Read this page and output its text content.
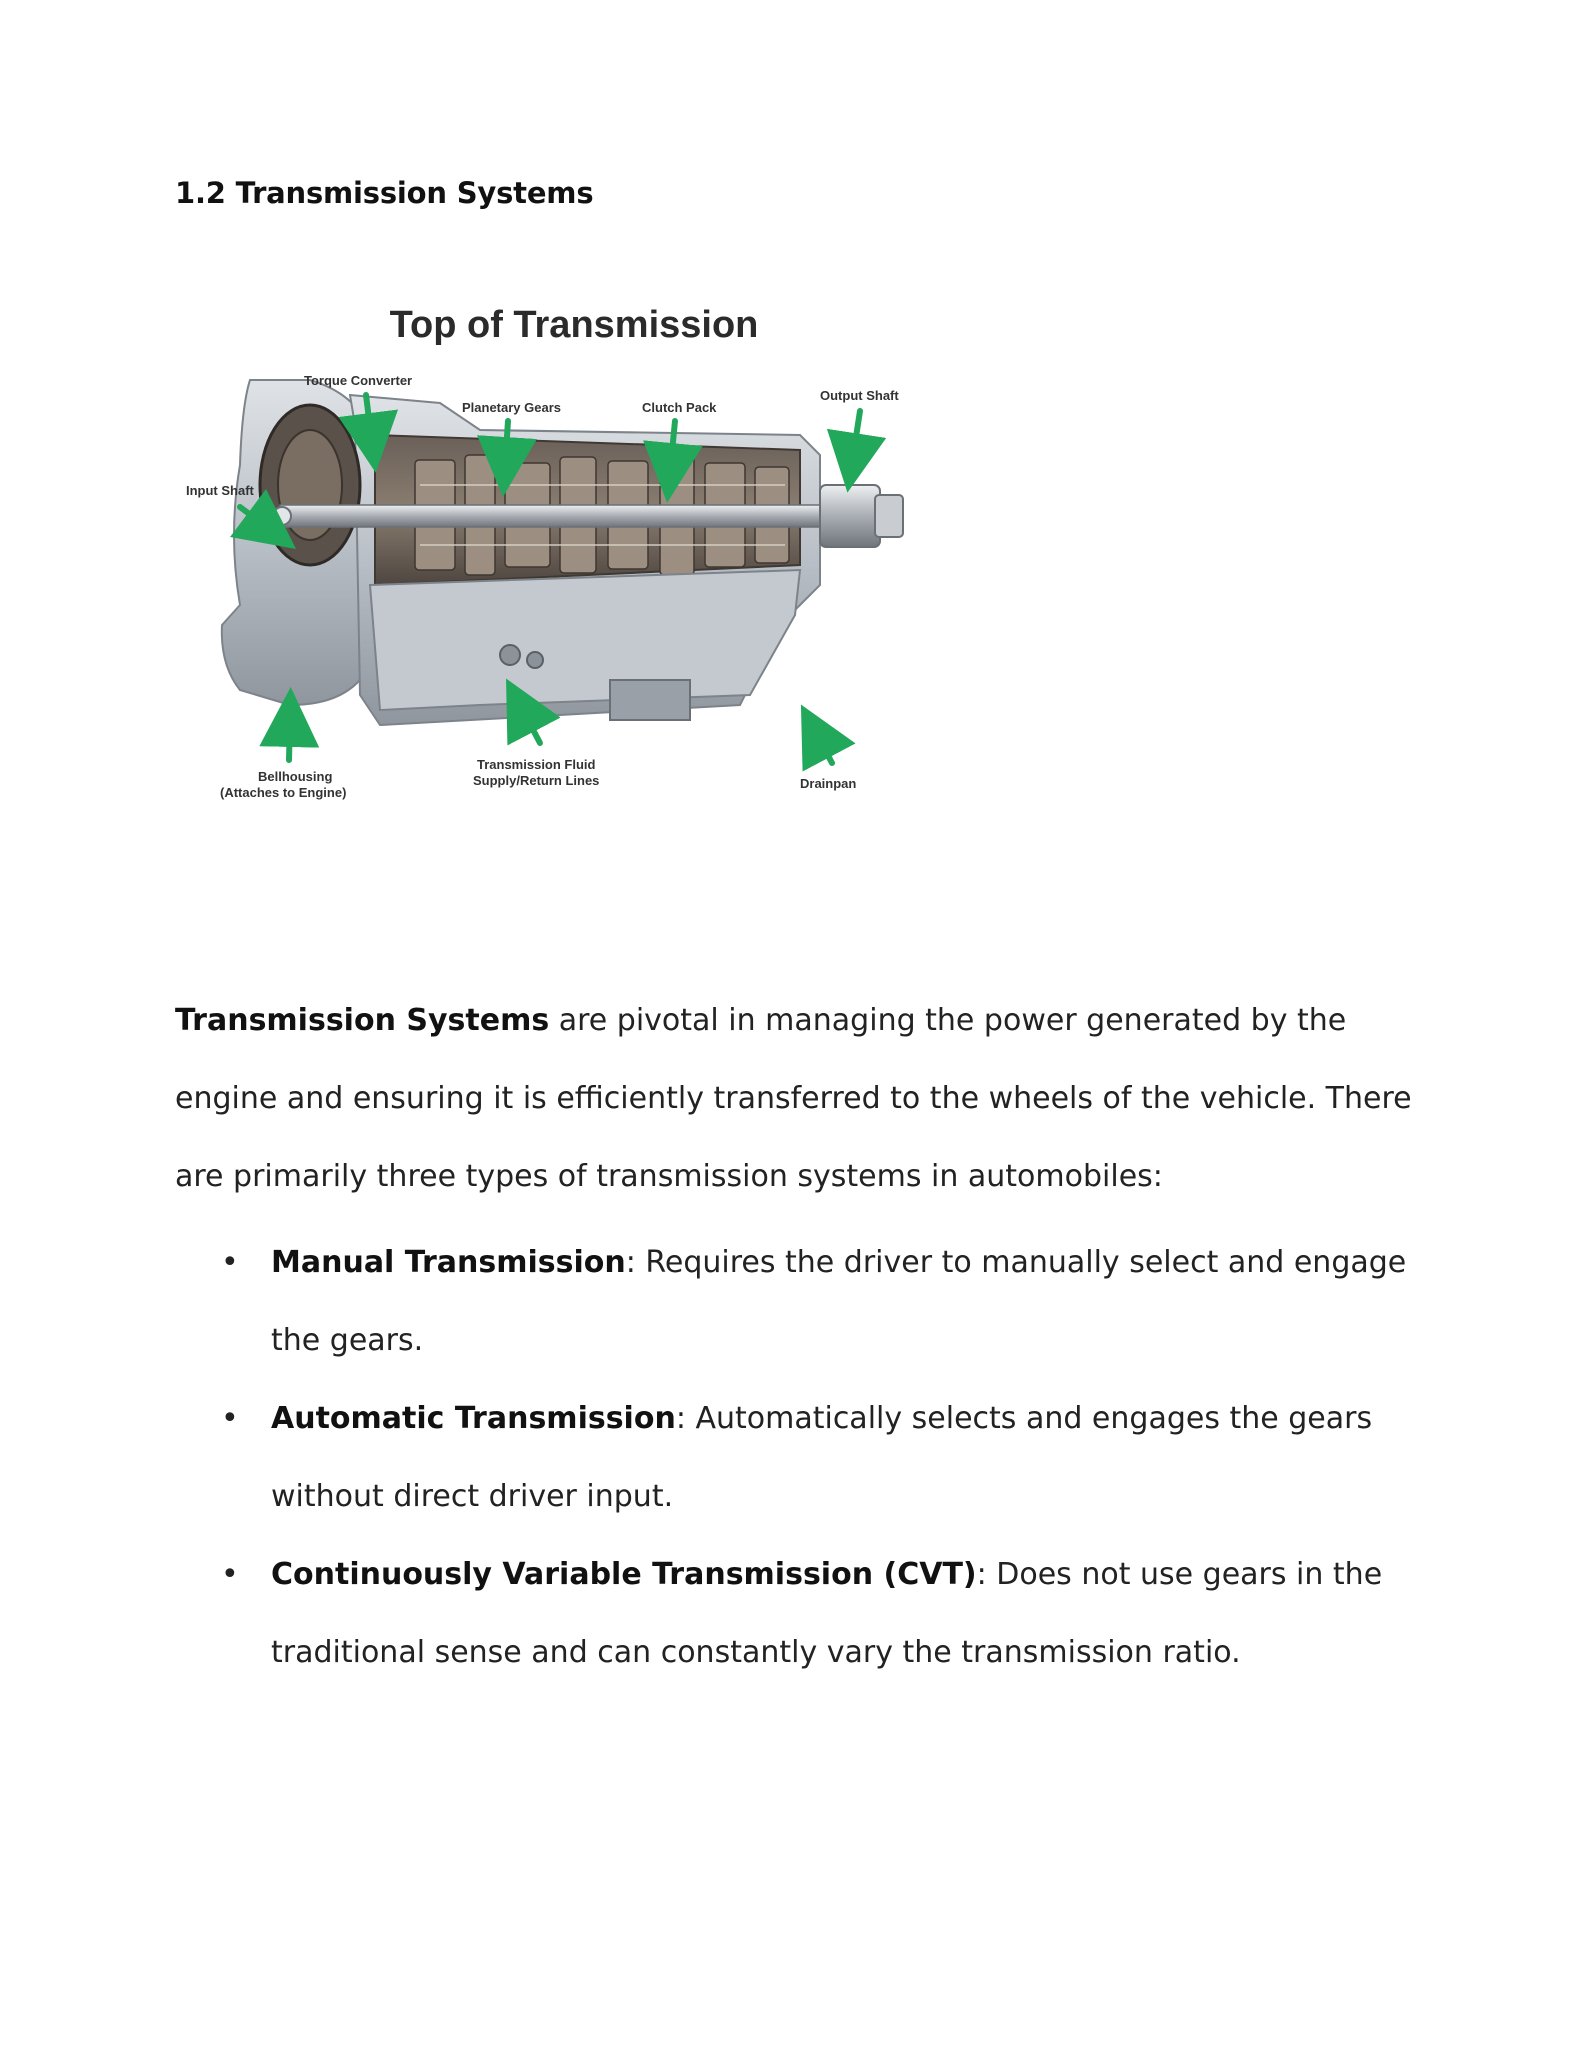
1.2 Transmission Systems
Top of Transmission
Torque Converter
Planetary Gears	Clutch Pack
Output Shaft
Input Shaft
Bellhousing
(Attaches to Engine)
Transmission Fluid
Supply/Return Lines	Drainpan

Transmission Systems are pivotal in managing the power generated by the engine and ensuring it is efficiently transferred to the wheels of the vehicle. There are primarily three types of transmission systems in automobiles:

• Manual Transmission: Requires the driver to manually select and engage the gears.
• Automatic Transmission: Automatically selects and engages the gears without direct driver input.
• Continuously Variable Transmission (CVT): Does not use gears in the traditional sense and can constantly vary the transmission ratio.
